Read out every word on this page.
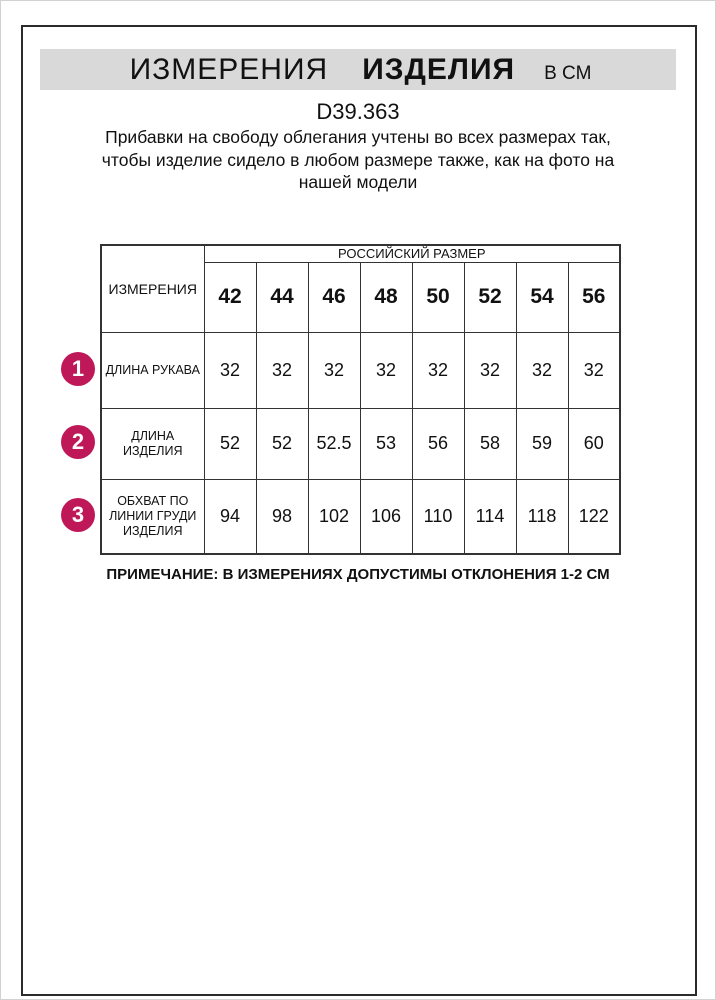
ИЗМЕРЕНИЯ ИЗДЕЛИЯ В СМ
D39.363
Прибавки на свободу облегания учтены во всех размерах так, чтобы изделие сидело в любом размере также, как на фото на нашей модели
ИЗМЕРЕНИЯ	РОССИЙСКИЙ РАЗМЕР							
	42	44	46	48	50	52	54	56
ДЛИНА РУКАВА	32	32	32	32	32	32	32	32
ДЛИНА ИЗДЕЛИЯ	52	52	52.5	53	56	58	59	60
ОБХВАТ ПО ЛИНИИ ГРУДИ ИЗДЕЛИЯ	94	98	102	106	110	114	118	122
1
2
3
ПРИМЕЧАНИЕ: В ИЗМЕРЕНИЯХ ДОПУСТИМЫ ОТКЛОНЕНИЯ 1-2 СМ
